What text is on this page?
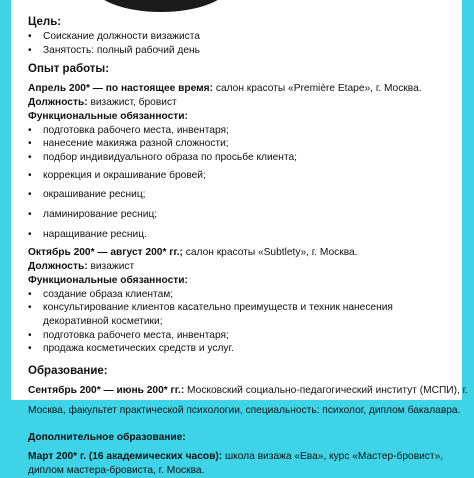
Цель:
• Соискание должности визажиста
• Занятость: полный рабочий день
Опыт работы:
Апрель 200* — по настоящее время: салон красоты «Première Etape», г. Москва.
Должность: визажист, бровист
Функциональные обязанности:
• подготовка рабочего места, инвентаря;
• нанесение макияжа разной сложности;
• подбор индивидуального образа по просьбе клиента;
• коррекция и окрашивание бровей;
• окрашивание ресниц;
• ламинирование ресниц;
• наращивание ресниц.
Октябрь 200* — август 200* гг.; салон красоты «Subtlety», г. Москва.
Должность: визажист
Функциональные обязанности:
• создание образа клиентам;
• консультирование клиентов касательно преимуществ и техник нанесения декоративной косметики;
• подготовка рабочего места, инвентаря;
• продажа косметических средств и услуг.
Образование:
Сентябрь 200* — июнь 200* гг.: Московский социально-педагогический институт (МСПИ), г.
Москва, факультет практической психологии, специальность: психолог, диплом бакалавра.
Дополнительное образование:
Март 200* г. (16 академических часов): школа визажа «Ева», курс «Мастер-бровист»,
диплом мастера-бровиста, г. Москва.
